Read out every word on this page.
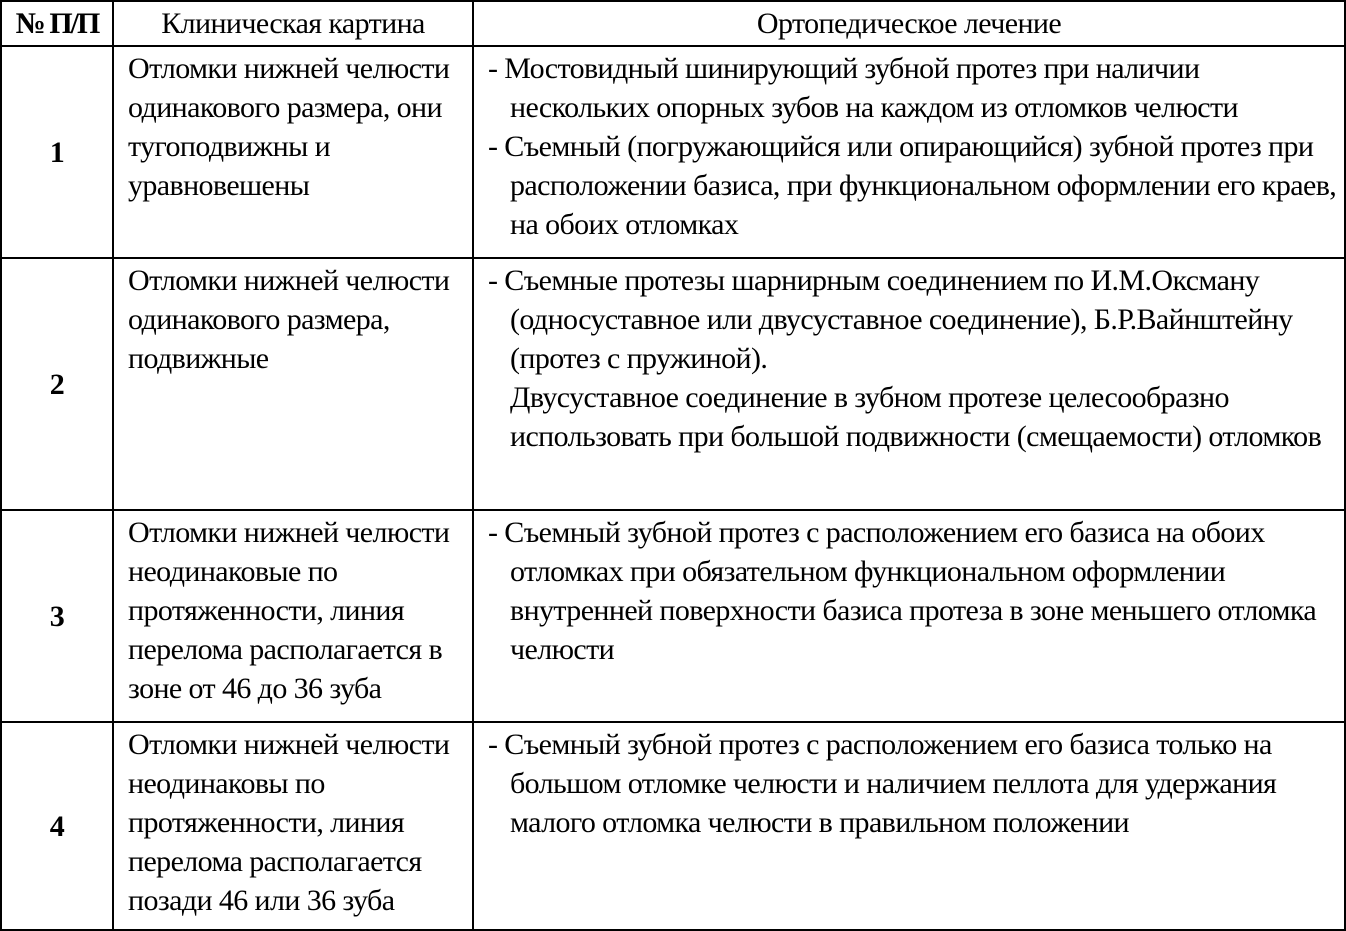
№ П/П	Клиническая картина	Ортопедическое лечение
1	Отломки нижней челюсти одинакового размера, они тугоподвижны и уравновешены	- Мостовидный шинирующий зубной протез при наличии нескольких опорных зубов на каждом из отломков челюсти
- Съемный (погружающийся или опирающийся) зубной протез при расположении базиса, при функциональном оформлении его краев, на обоих отломках

2	Отломки нижней челюсти одинакового размера, подвижные	- Съемные протезы шарнирным соединением по И.М.Оксману (односуставное или двусуставное соединение), Б.Р.Вайнштейну (протез с пружиной).
Двусуставное соединение в зубном протезе целесообразно использовать при большой подвижности (смещаемости) отломков

3	Отломки нижней челюсти неодинаковые по протяженности, линия перелома располагается в зоне от 46 до 36 зуба	- Съемный зубной протез с расположением его базиса на обоих отломках при обязательном функциональном оформлении внутренней поверхности базиса протеза в зоне меньшего отломка челюсти

4	Отломки нижней челюсти неодинаковы по протяженности, линия перелома располагается позади 46 или 36 зуба	- Съемный зубной протез с расположением его базиса только на большом отломке челюсти и наличием пеллота для удержания малого отломка челюсти в правильном положении
